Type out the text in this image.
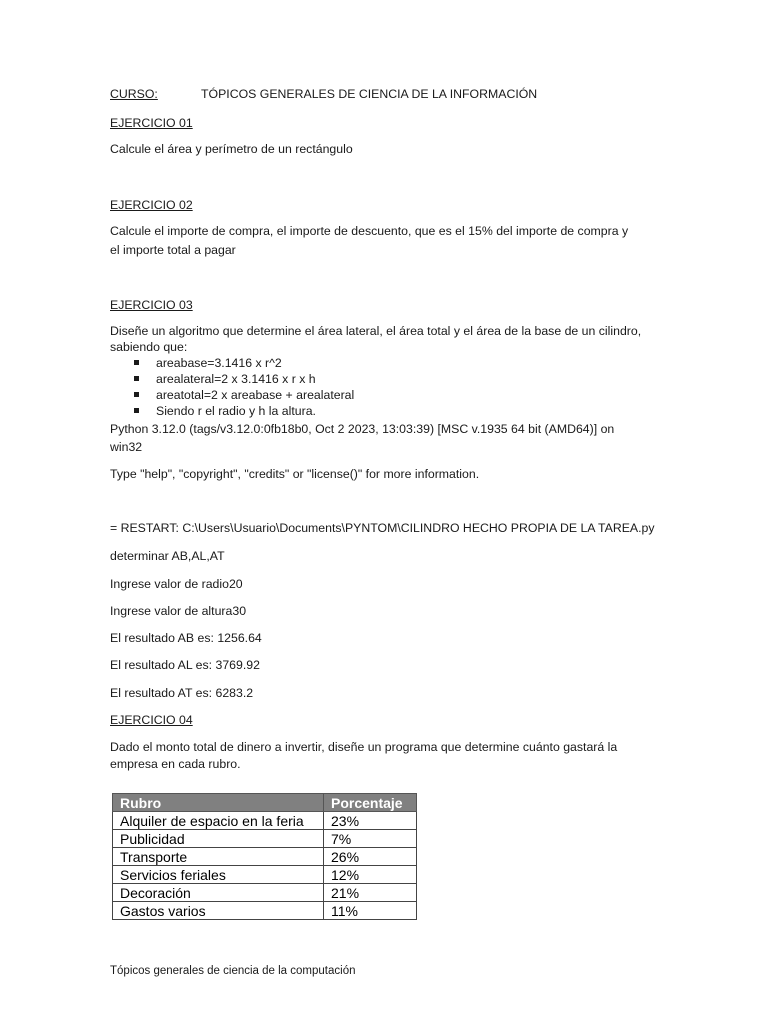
CURSO:	TÓPICOS GENERALES DE CIENCIA DE LA INFORMACIÓN
EJERCICIO 01
Calcule el área y perímetro de un rectángulo
EJERCICIO 02
Calcule el importe de compra, el importe de descuento, que es el 15% del importe de compra y
el importe total a pagar
EJERCICIO 03
Diseñe un algoritmo que determine el área lateral, el área total y el área de la base de un cilindro,
sabiendo que:
areabase=3.1416 x r^2
arealateral=2 x 3.1416 x r x h
areatotal=2 x areabase + arealateral
Siendo r el radio y h la altura.
Python 3.12.0 (tags/v3.12.0:0fb18b0, Oct 2 2023, 13:03:39) [MSC v.1935 64 bit (AMD64)] on
win32
Type "help", "copyright", "credits" or "license()" for more information.
= RESTART: C:\Users\Usuario\Documents\PYNTOM\CILINDRO HECHO PROPIA DE LA TAREA.py
determinar AB,AL,AT
Ingrese valor de radio20
Ingrese valor de altura30
El resultado AB es: 1256.64
El resultado AL es: 3769.92
El resultado AT es: 6283.2
EJERCICIO 04
Dado el monto total de dinero a invertir, diseñe un programa que determine cuánto gastará la
empresa en cada rubro.
Rubro	Porcentaje
Alquiler de espacio en la feria	23%
Publicidad	7%
Transporte	26%
Servicios feriales	12%
Decoración	21%
Gastos varios	11%
Tópicos generales de ciencia de la computación
